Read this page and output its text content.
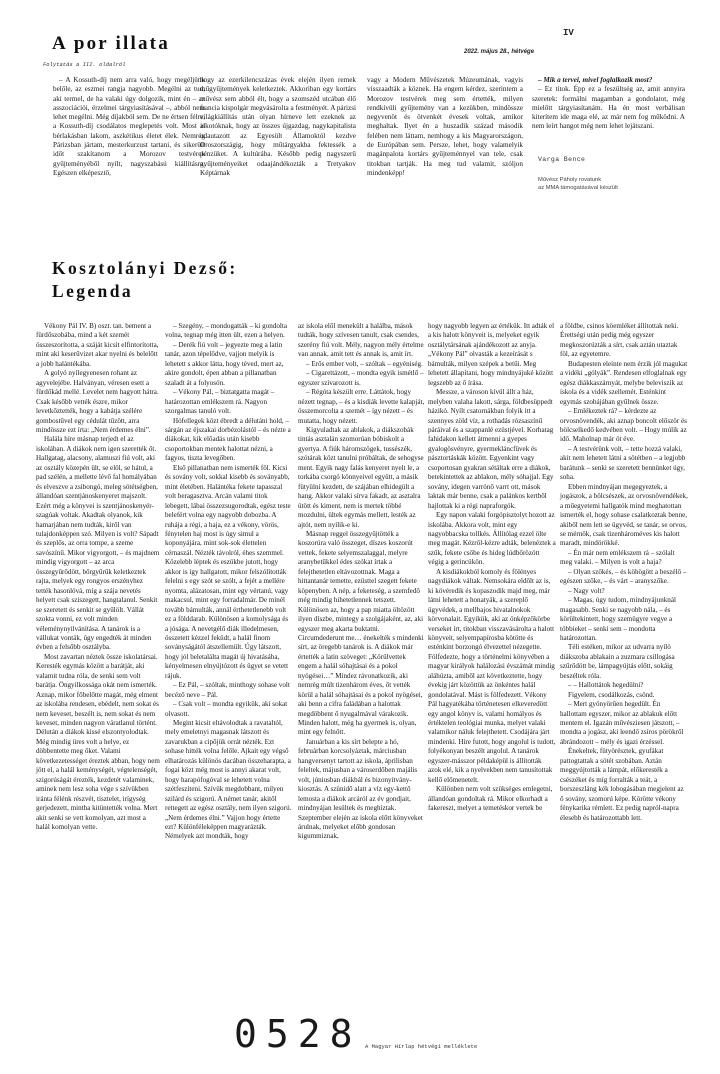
A por illata
Folytatás a III. oldalról
IV
2022. május 28., hétvége

– A Kossuth-díj nem arra való, hogy megéljünk belőle, az eszmei rangja nagyobb. Megélni az tud, aki termel, de ha valaki úgy dolgozik, mint én – az asszociációi, érzelmei tárgyiasításával –, abból nem lehet megélni. Még díjakból sem. De ne értsen félre, a Kossuth-díj csodálatos meglepetés volt. Most is bérlakásban lakom, aszkétikus életet élek. Nemrég Párizsban jártam, mesterkurzust tartani, és sikerült időt szakítanom a Morozov testvérek gyűjteményéből nyílt, nagyszabású kiállításra. Egészen elképesztő,

hogy az ezerkilencszázas évek elején ilyen remek műgyűjtemények keletkeztek. Akkoriban egy kortárs művész sem abból élt, hogy a szomszéd utcában élő francia kispolgár megvásárolta a festményét. A párizsi világkiállítás után olyan hírneve lett ezeknek az alkotóknak, hogy az összes újgazdag, nagykapitalista odautazott az Egyesült Államoktól kezdve Oroszországig, hogy műtárgyakba fektessék a pénzüket. A kultúrába. Később pedig nagyszerű gyűjteményeiket odaajándékozták a Tretyakov Képtárnak

vagy a Modern Művészetek Múzeumának, vagyis visszaadták a köznek. Ha engem kérdez, szerintem a Morozov testvérek meg sem értették, milyen rendkívüli gyűjtemény van a kezükben, mindössze negyvenöt és ötvenkét évesek voltak, amikor meghaltak. Ilyet én a huszadik század második felében nem láttam, nemhogy a kis Magyarországon, de Európában sem. Persze, lehet, hogy valamelyik magánpalota kortárs gyűjteménnyel van tele, csak titokban tartják. Ha meg tud valamit, szóljon mindenképp!

– Mik a tervei, mivel foglalkozik most?

– Ez titok. Épp ez a feszültség az, amit annyira szeretek: formálni magamban a gondolatot, még mielőtt tárgyiasítanám. Ha én most verbálisan kiterítem ide maga elé, az már nem fog működni. A nem leírt hangot még nem lehet lejátszani.

Varga Bence
Művész Páholy rovatunk
az MMA támogatásával készült
Kosztolányi Dezső:
Legenda

Vékony Pál IV. B) oszt. tan. bement a fürdőszobába, mind a két szemét összeszorította, a száját kicsit elfintorította, mint aki keserűvizet akar nyelni és belelőtt a jobb halántékába.

A golyó nyílegyenesen rohant az agyvelejébe. Halványan, véresen esett a fürdőkád mellé. Levelet nem hagyott hátra. Csak később vették észre, mikor levetkőztették, hogy a kabátja szélére gombostűvel egy cédulát tűzött, arra mindössze ezt írta: „Nem érdemes élni”.

Halála híre másnap terjedt el az iskolában. A diákok nem igen szerették őt. Hallgatag, alacsony, alamuszi fiú volt, aki az osztály közepén ült, se elöl, se hátul, a pad szélén, a mellette lévő fal homályában és elveszve a zsibongó, meleg sötétségben, állandóan szentjánoskenyeret majszolt. Ezért még a könyvei is szentjánoskenyér-szagúak voltak. Akadtak olyanok, kik hamarjában nem tudták, kiről van tulajdonképpen szó. Milyen is volt? Sápadt és szeplős, az orra tompe, a szeme savószínű. Mikor vigyorgott, – és majdnem mindig vigyorgott – az arca összegyűrődött, bőrgyűrűk keletkeztek rajta, melyek egy rongyos erszényhez tették hasonlóvá, míg a szája nevetés helyett csak sziszegett, hangtalanul. Senkit se szeretett és senkit se gyűlölt. Vállát szokta vonni, ez volt minden véleménynyilvánítása. A tanárok is a vállukat vonták, úgy engedték át minden évben a felsőbb osztályba.

Most zavartan néztek össze iskolatársai. Keresték egymás között a barátját, aki valamit tudna róla, de senki sem volt barátja. Öngyilkossága okát nem ismerték. Aznap, mikor főbelőtte magát, még elment az iskolába rendesen, ebédelt, nem sokat és nem keveset, beszélt is, nem sokat és nem keveset, minden nagyon váratlanul történt. Délután a diákok kissé elszontyolodtak. Még mindig üres volt a helye, ez döbbentette meg őket. Valami következetességet éreztek abban, hogy nem jött el, a halál keménységét, végtelenségét, szigorúságát érezték, kezdetét valaminek, aminek nem lesz soha vége s szívükben iránta félénk részvét, tisztelet, irígység gerjedezett, mintha kitüntették volna. Mert akit senki se vett komolyan, azt most a halál komolyan vette.

– Szegény, – mondogatták – ki gondolta volna, tegnap még itten ült, ezen a helyen.

– Derék fiú volt – jegyezte meg a latin tanár, azon tépelődve, vajjon melyik is lehetett s akkor látta, hogy téved, mert az, akire gondolt, épen abban a pillanatban szaladt át a folyosón.

– Vékony Pál, – biztatgatta magát – határozottan emlékszem rá. Nagyon szorgalmas tanuló volt.

Hófellegek közt ébredt a délutáni hold, – sárgán az éjszakai dorbézolástól – és nézte a diákokat, kik előadás után kisebb csoportokban mentek halottat nézni, a fagyos, tiszta levegőben.

Első pillanatban nem ismerték föl. Kicsi és sovány volt, sokkal kisebb és soványabb, mint életében. Halántéka fekete tapasszal volt beragasztva. Arcán valami titok lebegett, lábai összezsugorodtak, egész teste belefért volna egy nagyobb dobozba. A ruhája a régi, a haja, ez a vékony, vörös, fénytelen haj most is úgy simul a koponyájára, mint sok-sok élettelen cérnaszál. Nézték távolról, éhes szemmel. Közelebb léptek és eszükbe jutott, hogy akkor is így hallgatott, mikor felszólították felelni s egy szót se szólt, a fejét a mellére nyomta, alázatosan, mint egy vértanú, vagy makacsul, mint egy forradalmár. De minél tovább bámulták, annál érthetetlenebb volt ez a földdarab. Különösen a komolysága és a jósága. A nevetgélő diák illedelmesen, összetett kézzel feküdt, a halál finom soványságától átszellemült. Úgy látszott, hogy jól beletalálta magát új hivatásába, kényelmesen elnyújtózott és ügyet se vetett rájuk.

– Ez Pál, – szóltak, minthogy sohase volt becéző neve – Pál.

– Csak volt – mondta egyikük, aki sokat olvasott.

Megint kicsit eltávolodtak a ravataltól, mely emeletnyi magasnak látszott és zavarukban a cipőjük orrát nézték. Ezt sohase hitték volna felőle. Ajkait egy végső elhatározás különös dacában összeharapta, a fogai közt még most is annyi akarat volt, hogy harapófogóval se lehetett volna szétfeszíteni. Szívük megdobbant, milyen szilárd és szigorú. A német tanár, akitől rettegett az egész osztály, nem ilyen szigorú. „Nem érdemes élni.” Vajjon hogy értette ezt? Különféleképpen magyarázták. Némelyek azt mondták, hogy

az iskola elől menekült a halálba, mások tudták, hogy szívesen tanult, csak csendes, szerény fiú volt. Mély, nagyon mély értelme van annak, amit tett és annak is, amit írt.

– Erős ember volt, – szóltak – egyéniség.

– Cigarettázott, – mondta egyik ismétlő – egyszer szivarozott is.

– Régóta készült erre. Láttátok, hogy nézett tegnap, – és a kisdiák levette kalapját, összemorcolta a szemét – így nézett – és mutatta, hogy nézett.

Kigyuladtak az ablakok, a diákszobák tintás asztalán szomorúan bóbiskolt a gyertya. A fiúk háromszögek, tussészék, szótárak közt tanulni próbáltak, de sehogyse ment. Egyik nagy falás kenyeret nyelt le, a torkába csorgó könnyeivel együtt, a másik fütyülni kezdett, de szájában elhidegült a hang. Akkor valaki sírva fakadt, az asztalra ütött és kiment, nem is mertek többé mozdulni, ültek egymás mellett, lesték az ajtót, nem nyílik-e ki.

Másnap reggel összegyűjtötték a koszorúra való összeget, díszes koszorút vettek, fekete selyemszalaggal, melyre aranybetűkkel édes szókat írtak a felejthetetlen eltávozottnak. Maga a hittantanár temette, ezüsttel szegett fekete köpenyben. A nép, a feketeség, a szemfedő még mindig hihetetlennek tetszett. Különösen az, hogy a pap miatta öltözött ilyen díszbe, mintegy a szolgájaként, az, aki egyszer meg akarta buktatni. Circumdederunt me… énekelték s mindenki sírt, az öregebb tanárok is. A diákok már értették a latin szöveget: „Körülvettek engem a halál sóhajtásai és a pokol nyögései…” Mindez rávonatkozik, aki nemrég múlt tizenhárom éves, őt vették körül a halál sóhajtásai és a pokol nyögései, aki benn a cifra faládában a halottak megdöbbent ő nyugalmával várakozik. Minden halott, még ha gyermek is, olyan, mint egy felnőtt.

Januárban a kis sírt belepte a hó, februárban korcsolyáztak, márciusban hangversenyt tartott az iskola, áprilisban feleltek, májusban a városerdőben majális volt, júniusban diákbál és bizonyítvány-kiosztás. A szünidő alatt a víz egy-kettő lemosta a diákok arcáról az év gondjait, mindnyájan lesültek és meghíztak. Szeptember elején az iskola előtt könyveket árulnak, melyeket előbb gondosan kigummiznak,

hogy nagyobb legyen az értékük. Itt adták el a kis halott könyveit is, melyeket egyik osztálytársának ajándékozott az anyja. „Vékony Pál” olvasták a kezeírását s bámulták, milyen szépek a betűi. Meg lehetett állapítani, hogy mindnyájuké között legszebb az ő írása.

Messze, a városon kívül állt a ház, melyben valaha lakott, sárga, földbesüppedt házikó. Nyílt csatornákban folyik itt a szennyes zöld víz, a rothadás rózsaszínű páráival és a szappanlé ezüstjével. Korhatag fahidakon kellett átmenni a gyepes gyalogösvényre, gyermekláncfüvek és pásztortáskák között. Egyenkint vagy csoportosan gyakran sétáltak erre a diákok, betekintettek az ablakon, mély sóhajjal. Egy sovány, idegen varrónő varrt ott, mások laktak már benne, csak a palánkos kertből hajlottak ki a régi napraforgók.

Egy napon valaki forgópisztolyt hozott az iskolába. Akkora volt, mint egy nagyobbacska tollkés. Állítólag ezzel ölte meg magát. Kézről-kézre adták, belenéztek a szűk, fekete csőbe és hideg lúdbőrözött végig a gerincükön.

A kisdiákokból komoly és fölényes nagydiákok váltak. Nemsokára eldőlt az is, ki kövéredik és kopaszodik majd meg, már látni lehetett a honatyák, a szereplő ügyvédek, a mellbajos hivatalnokok körvonalait. Egyikük, aki az önképzőkörbe verseket írt, titokban visszavásárolta a halott könyveit, selyempapírosba kötötte és esténkint borzongó élvezettel nézegette. Fölfedezte, hogy a történelmi könyvében a magyar királyok halálozási évszámát mindig aláhúzta, amiből azt következtette, hogy évekig járt közöttük az önkéntes halál gondolatával. Mást is fölfedezett. Vékony Pál hagyatékába történetesen elkeveredött egy angol könyv is, valami homályos és értéktelen teológiai munka, melyet valaki valamikor náluk felejthetett. Csodájára járt mindenki. Híre futott, hogy angolul is tudott, folyékonyan beszélt angolul. A tanárok egyszer-másszor példaképül is állították azok elé, kik a nyelvekben nem tanusítottak kellő előmenetelt.

Különben nem volt szükséges emlegetni, állandóan gondoltak rá. Mikor elkorhadt a fakereszt, melyet a temetéskor vertek be

a földbe, csinos köemléket állítottak neki. Érettségi után pedig még egyszer megkoszorúzták a sírt, csak aztán utaztak föl, az egyetemre.

Budapesten eleinte nem érzik jól magukat a vidéki „gólyák”. Rendesen elfoglalnak egy egész diákkaszárnyát, melybe beleviszik az iskola és a vidék szellemét. Esténkint egymás szobájában gyűlnek össze.

– Emlékeztek rá? – kérdezte az orvosnövendék, aki aznap boncolt először és bölcselkedő kedvében volt. – Hogy múlik az idő. Maholnap már öt éve.

– A testvérünk volt, – tette hozzá valaki, akit nem lehetett látni a sötétben – a legjobb barátunk – senki se szeretett bennünket úgy, soha.

Ebben mindnyájan megegyeztek, a jogászok, a bölcsészek, az orvosnövendékek, a műegyetemi hallgatók mind meghatottan ismerték el, hogy sohase csalatkoztak benne, akiből nem lett se ügyvéd, se tanár, se orvos, se mérnök, csak tizenhároméves kis halott maradt, mindörökké.

– Én már nem emlékszem rá – szólalt meg valaki. – Milyen is volt a haja?

– Olyan szőkés, – és köhögött a beszélő – egészen szőke, – és várt – aranyszőke.

– Nagy volt?

– Magas, úgy tudom, mindnyájunknál magasabb. Senki se nagyobb nála, – és körültekintett, hogy szemügyre vegye a többieket – senki sem – mondotta határozottan.

Téli estéken, mikor az udvarra nyíló diákszoba ablakain a zuzmara csillogása szűrődött be, lámpagyújtás előtt, sokáig beszéltek róla.

– – Hallottátok hegedülni?

Figyelem, csodálkozás, csönd.

– Mert gyönyörűen hegedült. Én hallottam egyszer, mikor az ablakuk előtt mentem el. Igazán művésziesen játszott, – mondta a jogász, aki leendő zsíros pörökről ábrándozott – mély és igazi érzéssel.

Énekeltek, fütyörésztek, gyufákat pattogtattak a sötét szobában. Aztán meggyújtották a lámpát, előkeresték a csészéket és míg forralták a teát, a borszeszláng kék lobogásában megjelent az ő sovány, szomorú képe. Körötte vékony fénykarika rémlett. Ez pedig napról-napra élesebb és határozottabb lett.

0528 A Magyar Hírlap hétvégi melléklete
